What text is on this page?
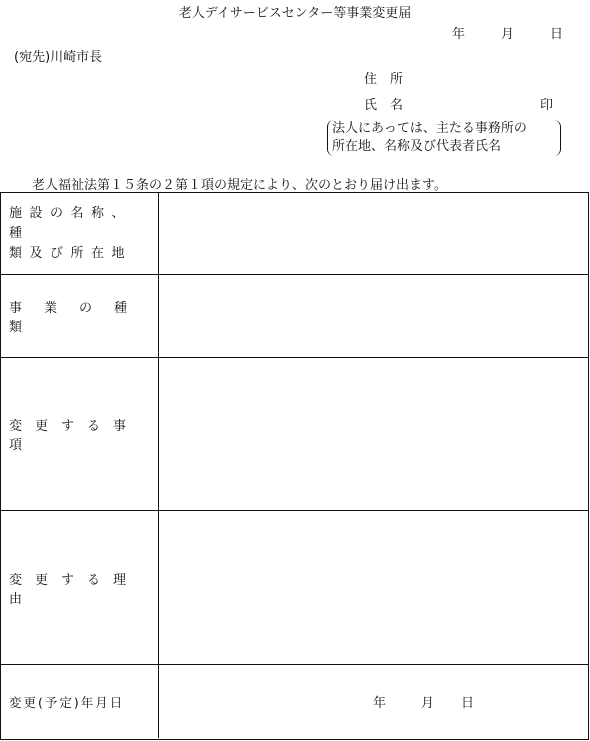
老人デイサービスセンター等事業変更届
年	月	日
(宛先)川崎市長
住　所
氏　名	印
法人にあっては、主たる事務所の
所在地、名称及び代表者氏名
老人福祉法第１５条の２第１項の規定により、次のとおり届け出ます。
施設の名称、種
類及び所在地
事業の種類
変更する事項
変更する理由
変更(予定)年月日	年	月 日
